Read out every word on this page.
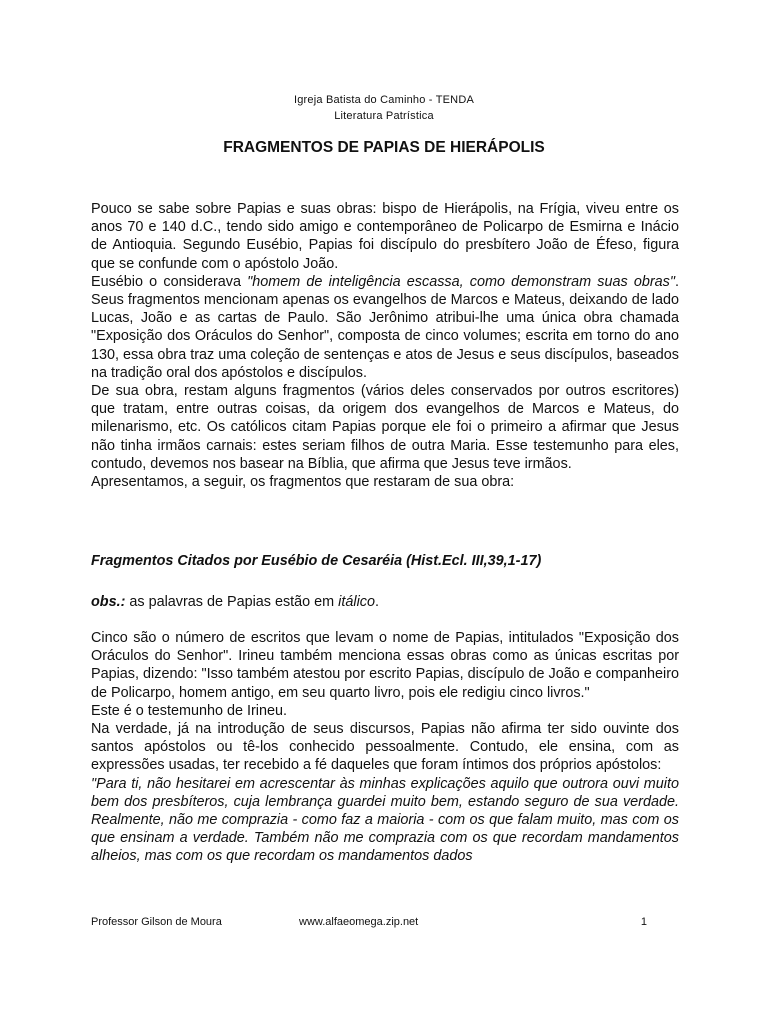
Igreja Batista do Caminho - TENDA
Literatura Patrística
FRAGMENTOS DE PAPIAS DE HIERÁPOLIS

Pouco se sabe sobre Papias e suas obras: bispo de Hierápolis, na Frígia, viveu entre os anos 70 e 140 d.C., tendo sido amigo e contemporâneo de Policarpo de Esmirna e Inácio de Antioquia. Segundo Eusébio, Papias foi discípulo do presbítero João de Éfeso, figura que se confunde com o apóstolo João.

Eusébio o considerava "homem de inteligência escassa, como demonstram suas obras". Seus fragmentos mencionam apenas os evangelhos de Marcos e Mateus, deixando de lado Lucas, João e as cartas de Paulo. São Jerônimo atribui-lhe uma única obra chamada "Exposição dos Oráculos do Senhor", composta de cinco volumes; escrita em torno do ano 130, essa obra traz uma coleção de sentenças e atos de Jesus e seus discípulos, baseados na tradição oral dos apóstolos e discípulos.

De sua obra, restam alguns fragmentos (vários deles conservados por outros escritores) que tratam, entre outras coisas, da origem dos evangelhos de Marcos e Mateus, do milenarismo, etc. Os católicos citam Papias porque ele foi o primeiro a afirmar que Jesus não tinha irmãos carnais: estes seriam filhos de outra Maria. Esse testemunho para eles, contudo, devemos nos basear na Bíblia, que afirma que Jesus teve irmãos.

Apresentamos, a seguir, os fragmentos que restaram de sua obra:

Fragmentos Citados por Eusébio de Cesaréia (Hist.Ecl. III,39,1-17)
obs.: as palavras de Papias estão em itálico.

Cinco são o número de escritos que levam o nome de Papias, intitulados "Exposição dos Oráculos do Senhor". Irineu também menciona essas obras como as únicas escritas por Papias, dizendo: "Isso também atestou por escrito Papias, discípulo de João e companheiro de Policarpo, homem antigo, em seu quarto livro, pois ele redigiu cinco livros."

Este é o testemunho de Irineu.

Na verdade, já na introdução de seus discursos, Papias não afirma ter sido ouvinte dos santos apóstolos ou tê-los conhecido pessoalmente. Contudo, ele ensina, com as expressões usadas, ter recebido a fé daqueles que foram íntimos dos próprios apóstolos:

"Para ti, não hesitarei em acrescentar às minhas explicações aquilo que outrora ouvi muito bem dos presbíteros, cuja lembrança guardei muito bem, estando seguro de sua verdade. Realmente, não me comprazia - como faz a maioria - com os que falam muito, mas com os que ensinam a verdade. Também não me comprazia com os que recordam mandamentos alheios, mas com os que recordam os mandamentos dados

Professor Gilson de Moura	www.alfaeomega.zip.net	1
